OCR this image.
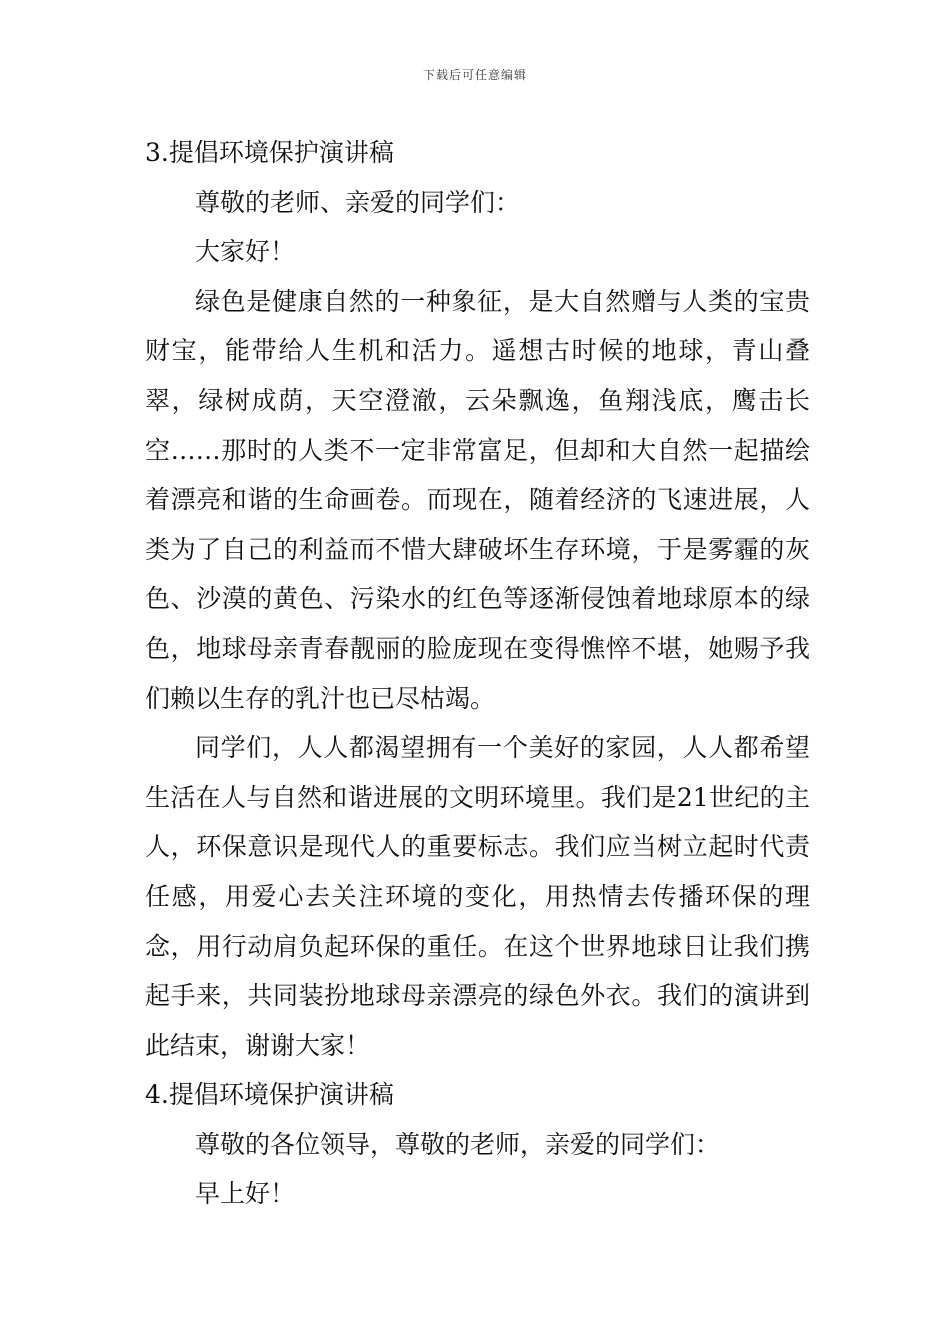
下载后可任意编辑

3.提倡环境保护演讲稿

尊敬的老师、亲爱的同学们：

大家好！

绿色是健康自然的一种象征，是大自然赠与人类的宝贵财宝，能带给人生机和活力。遥想古时候的地球，青山叠翠，绿树成荫，天空澄澈，云朵飘逸，鱼翔浅底，鹰击长空……那时的人类不一定非常富足，但却和大自然一起描绘着漂亮和谐的生命画卷。而现在，随着经济的飞速进展，人类为了自己的利益而不惜大肆破坏生存环境，于是雾霾的灰色、沙漠的黄色、污染水的红色等逐渐侵蚀着地球原本的绿色，地球母亲青春靓丽的脸庞现在变得憔悴不堪，她赐予我们赖以生存的乳汁也已尽枯竭。

同学们，人人都渴望拥有一个美好的家园，人人都希望生活在人与自然和谐进展的文明环境里。我们是21世纪的主人，环保意识是现代人的重要标志。我们应当树立起时代责任感，用爱心去关注环境的变化，用热情去传播环保的理念，用行动肩负起环保的重任。在这个世界地球日让我们携起手来，共同装扮地球母亲漂亮的绿色外衣。我们的演讲到此结束，谢谢大家！

4.提倡环境保护演讲稿

尊敬的各位领导，尊敬的老师，亲爱的同学们：

早上好！
